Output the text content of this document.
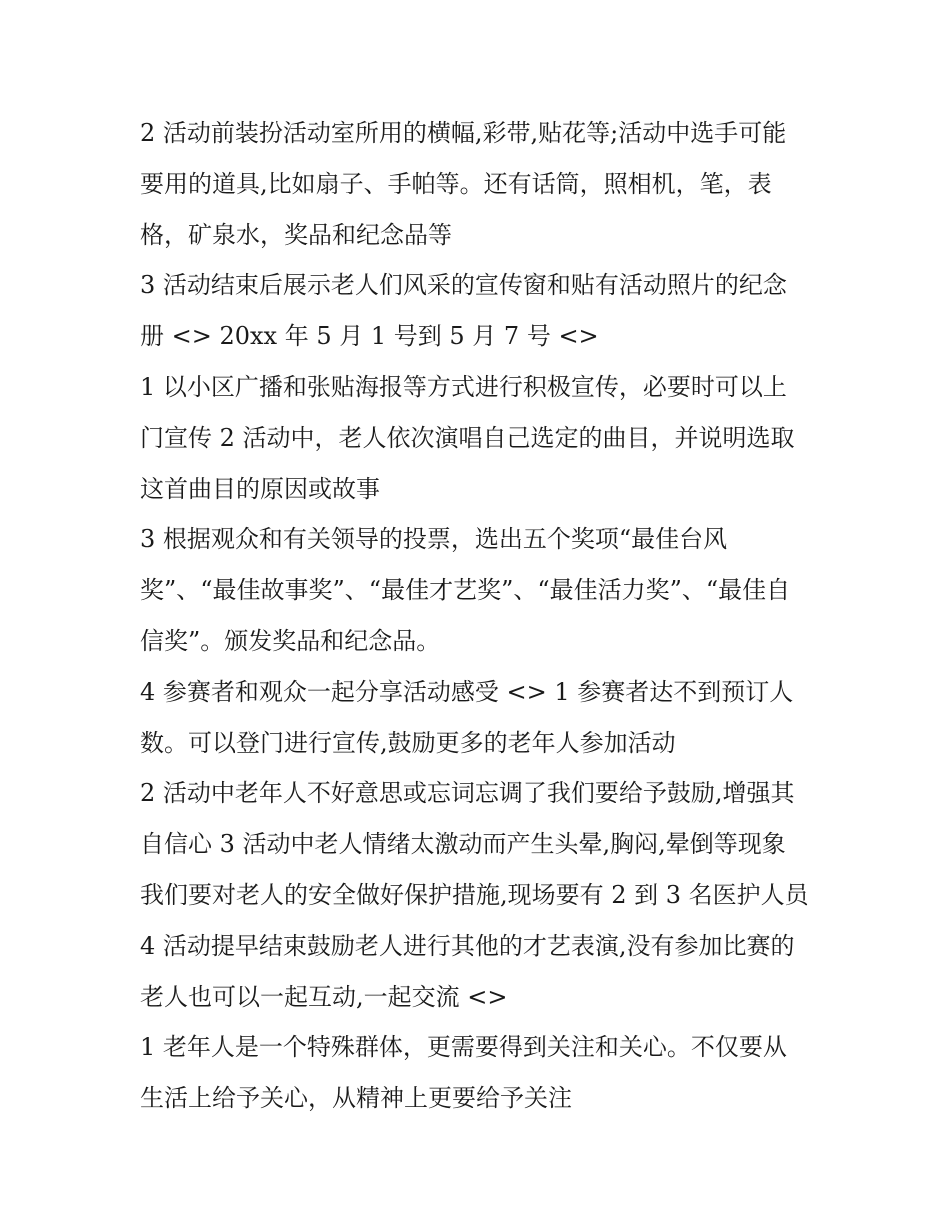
2 活动前装扮活动室所用的横幅,彩带,贴花等;活动中选手可能
要用的道具,比如扇子、手帕等。还有话筒，照相机，笔，表
格，矿泉水，奖品和纪念品等
3 活动结束后展示老人们风采的宣传窗和贴有活动照片的纪念
册 <> 20xx 年 5 月 1 号到 5 月 7 号 <>
1 以小区广播和张贴海报等方式进行积极宣传，必要时可以上
门宣传 2 活动中，老人依次演唱自己选定的曲目，并说明选取
这首曲目的原因或故事
3 根据观众和有关领导的投票，选出五个奖项“最佳台风
奖”、“最佳故事奖”、“最佳才艺奖”、“最佳活力奖”、“最佳自
信奖”。颁发奖品和纪念品。
4 参赛者和观众一起分享活动感受 <> 1 参赛者达不到预订人
数。可以登门进行宣传,鼓励更多的老年人参加活动
2 活动中老年人不好意思或忘词忘调了我们要给予鼓励,增强其
自信心 3 活动中老人情绪太激动而产生头晕,胸闷,晕倒等现象
我们要对老人的安全做好保护措施,现场要有 2 到 3 名医护人员
4 活动提早结束鼓励老人进行其他的才艺表演,没有参加比赛的
老人也可以一起互动,一起交流 <>
1 老年人是一个特殊群体，更需要得到关注和关心。不仅要从
生活上给予关心，从精神上更要给予关注
